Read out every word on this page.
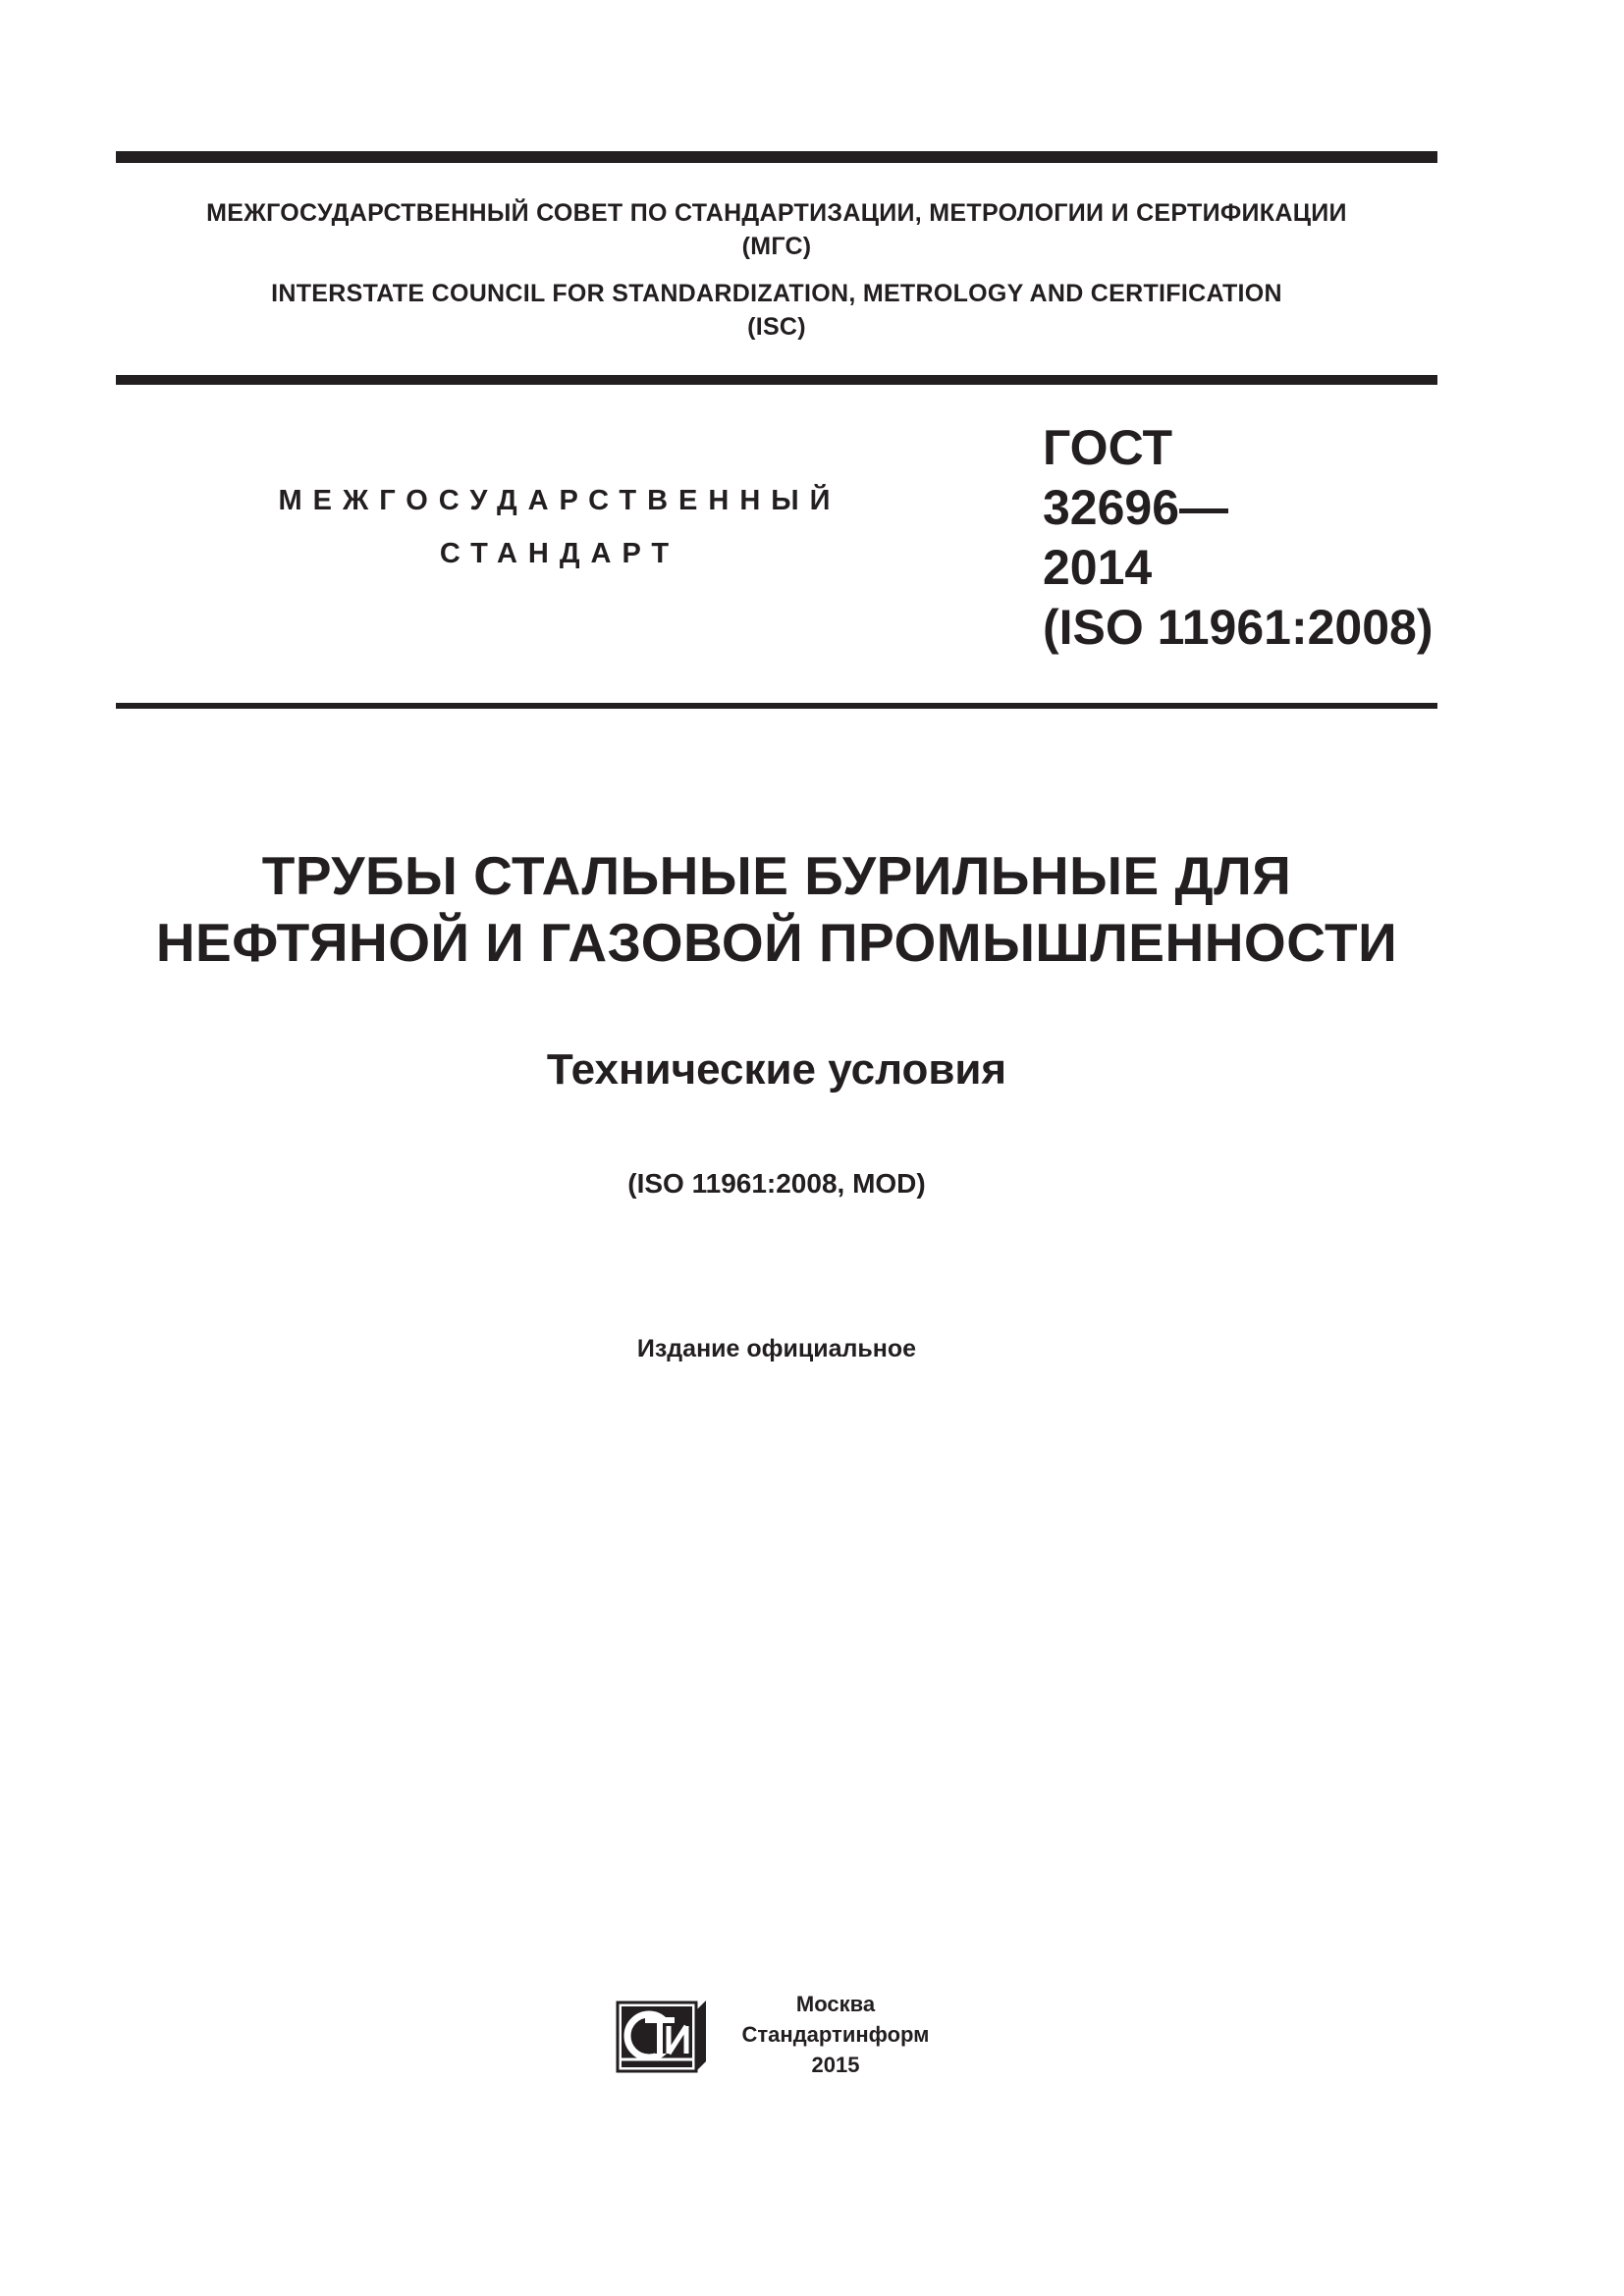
МЕЖГОСУДАРСТВЕННЫЙ СОВЕТ ПО СТАНДАРТИЗАЦИИ, МЕТРОЛОГИИ И СЕРТИФИКАЦИИ
(МГС)
INTERSTATE COUNCIL FOR STANDARDIZATION, METROLOGY AND CERTIFICATION
(ISC)
МЕЖГОСУДАРСТВЕННЫЙ
СТАНДАРТ
ГОСТ
32696—
2014
(ISO 11961:2008)
ТРУБЫ СТАЛЬНЫЕ БУРИЛЬНЫЕ ДЛЯ
НЕФТЯНОЙ И ГАЗОВОЙ ПРОМЫШЛЕННОСТИ
Технические условия
(ISO 11961:2008, MOD)
Издание официальное
Москва
Стандартинформ
2015
